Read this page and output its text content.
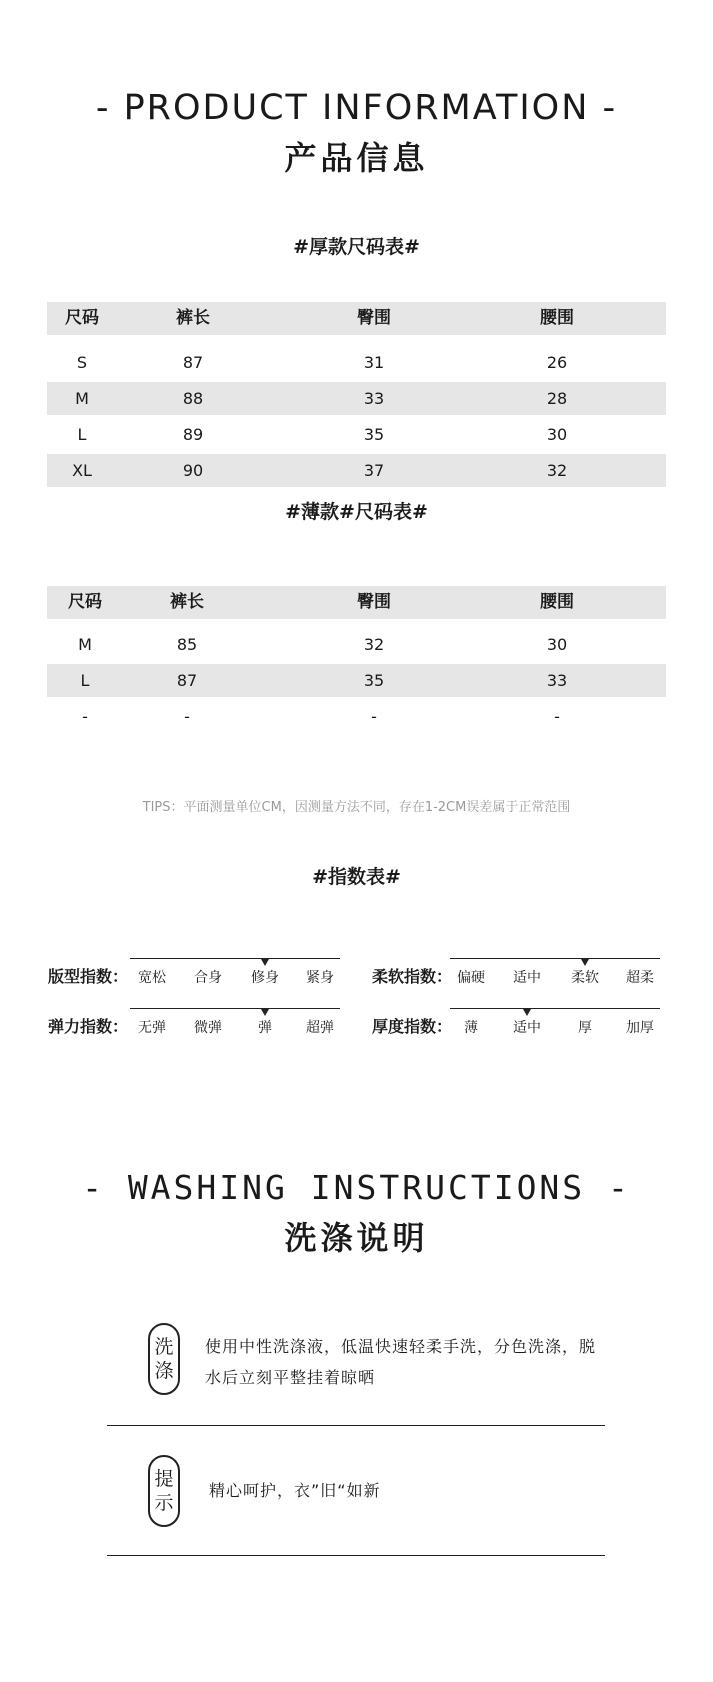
- PRODUCT INFORMATION -
产品信息
#厚款尺码表#
尺码	裤长	臀围	腰围
S	87	31	26
M	88	33	28
L	89	35	30
XL	90	37	32
#薄款#尺码表#
尺码	裤长	臀围	腰围
M	85	32	30
L	87	35	33
-	-	-	-
TIPS：平面测量单位CM，因测量方法不同，存在1-2CM误差属于正常范围
#指数表#
版型指数： 宽松 合身 修身 紧身 柔软指数： 偏硬 适中 柔软 超柔
弹力指数： 无弹 微弹	弹 超弹 厚度指数： 薄	适中	厚 加厚
- WASHING INSTRUCTIONS -
洗涤说明
洗涤
使用中性洗涤液，低温快速轻柔手洗，分色洗涤，脱
水后立刻平整挂着晾晒
提示
精心呵护，衣”旧“如新
